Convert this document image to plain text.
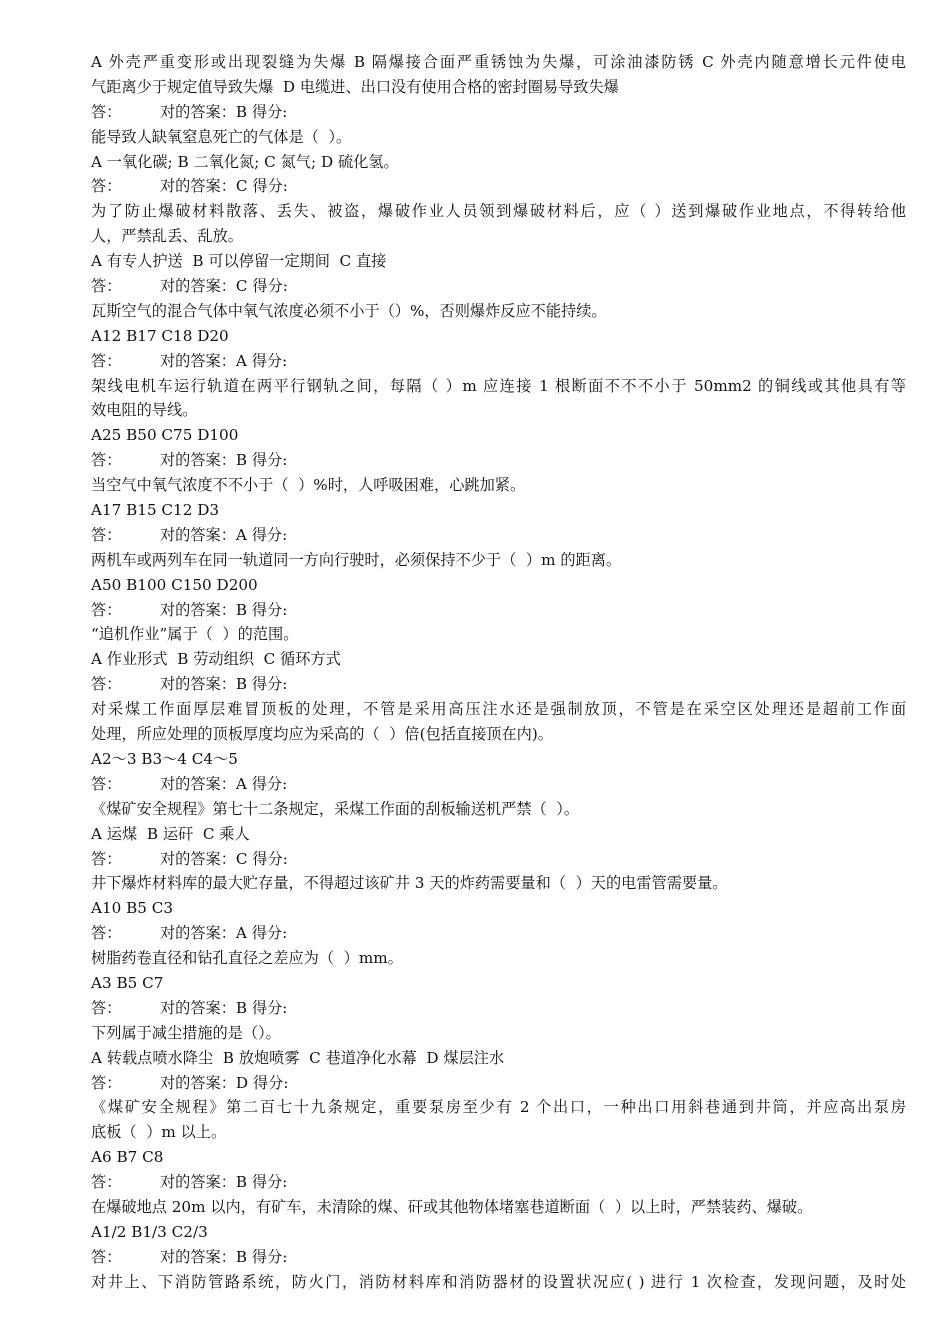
A 外壳严重变形或出现裂缝为失爆 B 隔爆接合面严重锈蚀为失爆，可涂油漆防锈 C 外壳内随意增长元件使电
气距离少于规定值导致失爆  D 电缆进、出口没有使用合格的密封圈易导致失爆
答：        对的答案：B 得分:
能导致人缺氧窒息死亡的气体是（  ）。
A 一氧化碳; B 二氧化氮; C 氮气; D 硫化氢。
答：        对的答案：C 得分:
为了防止爆破材料散落、丢失、被盗，爆破作业人员领到爆破材料后，应（ ）送到爆破作业地点，不得转给他
人，严禁乱丢、乱放。
A 有专人护送  B 可以停留一定期间  C 直接
答：        对的答案：C 得分:
瓦斯空气的混合气体中氧气浓度必须不小于（）%，否则爆炸反应不能持续。
A12 B17 C18 D20
答：        对的答案：A 得分:
架线电机车运行轨道在两平行钢轨之间，每隔（ ）m 应连接 1 根断面不不不小于 50mm2 的铜线或其他具有等
效电阻的导线。
A25 B50 C75 D100
答：        对的答案：B 得分:
当空气中氧气浓度不不小于（  ）%时，人呼吸困难，心跳加紧。
A17 B15 C12 D3
答：        对的答案：A 得分:
两机车或两列车在同一轨道同一方向行驶时，必须保持不少于（  ）m 的距离。
A50 B100 C150 D200
答：        对的答案：B 得分:
“追机作业”属于（  ）的范围。
A 作业形式  B 劳动组织  C 循环方式
答：        对的答案：B 得分:
对采煤工作面厚层难冒顶板的处理，不管是采用高压注水还是强制放顶，不管是在采空区处理还是超前工作面
处理，所应处理的顶板厚度均应为采高的（  ）倍(包括直接顶在内)。
A2～3 B3～4 C4～5
答：        对的答案：A 得分:
《煤矿安全规程》第七十二条规定，采煤工作面的刮板输送机严禁（  ）。
A 运煤  B 运矸  C 乘人
答：        对的答案：C 得分:
井下爆炸材料库的最大贮存量，不得超过该矿井 3 天的炸药需要量和（  ）天的电雷管需要量。
A10 B5 C3
答：        对的答案：A 得分:
树脂药卷直径和钻孔直径之差应为（  ）mm。
A3 B5 C7
答：        对的答案：B 得分:
下列属于减尘措施的是（）。
A 转载点喷水降尘  B 放炮喷雾  C 巷道净化水幕  D 煤层注水
答：        对的答案：D 得分:
《煤矿安全规程》第二百七十九条规定，重要泵房至少有 2 个出口，一种出口用斜巷通到井筒，并应高出泵房
底板（  ）m 以上。
A6 B7 C8
答：        对的答案：B 得分:
在爆破地点 20m 以内，有矿车，未清除的煤、矸或其他物体堵塞巷道断面（  ）以上时，严禁装药、爆破。
A1/2 B1/3 C2/3
答：        对的答案：B 得分:
对井上、下消防管路系统，防火门，消防材料库和消防器材的设置状况应( ) 进行 1 次检查，发现问题，及时处
